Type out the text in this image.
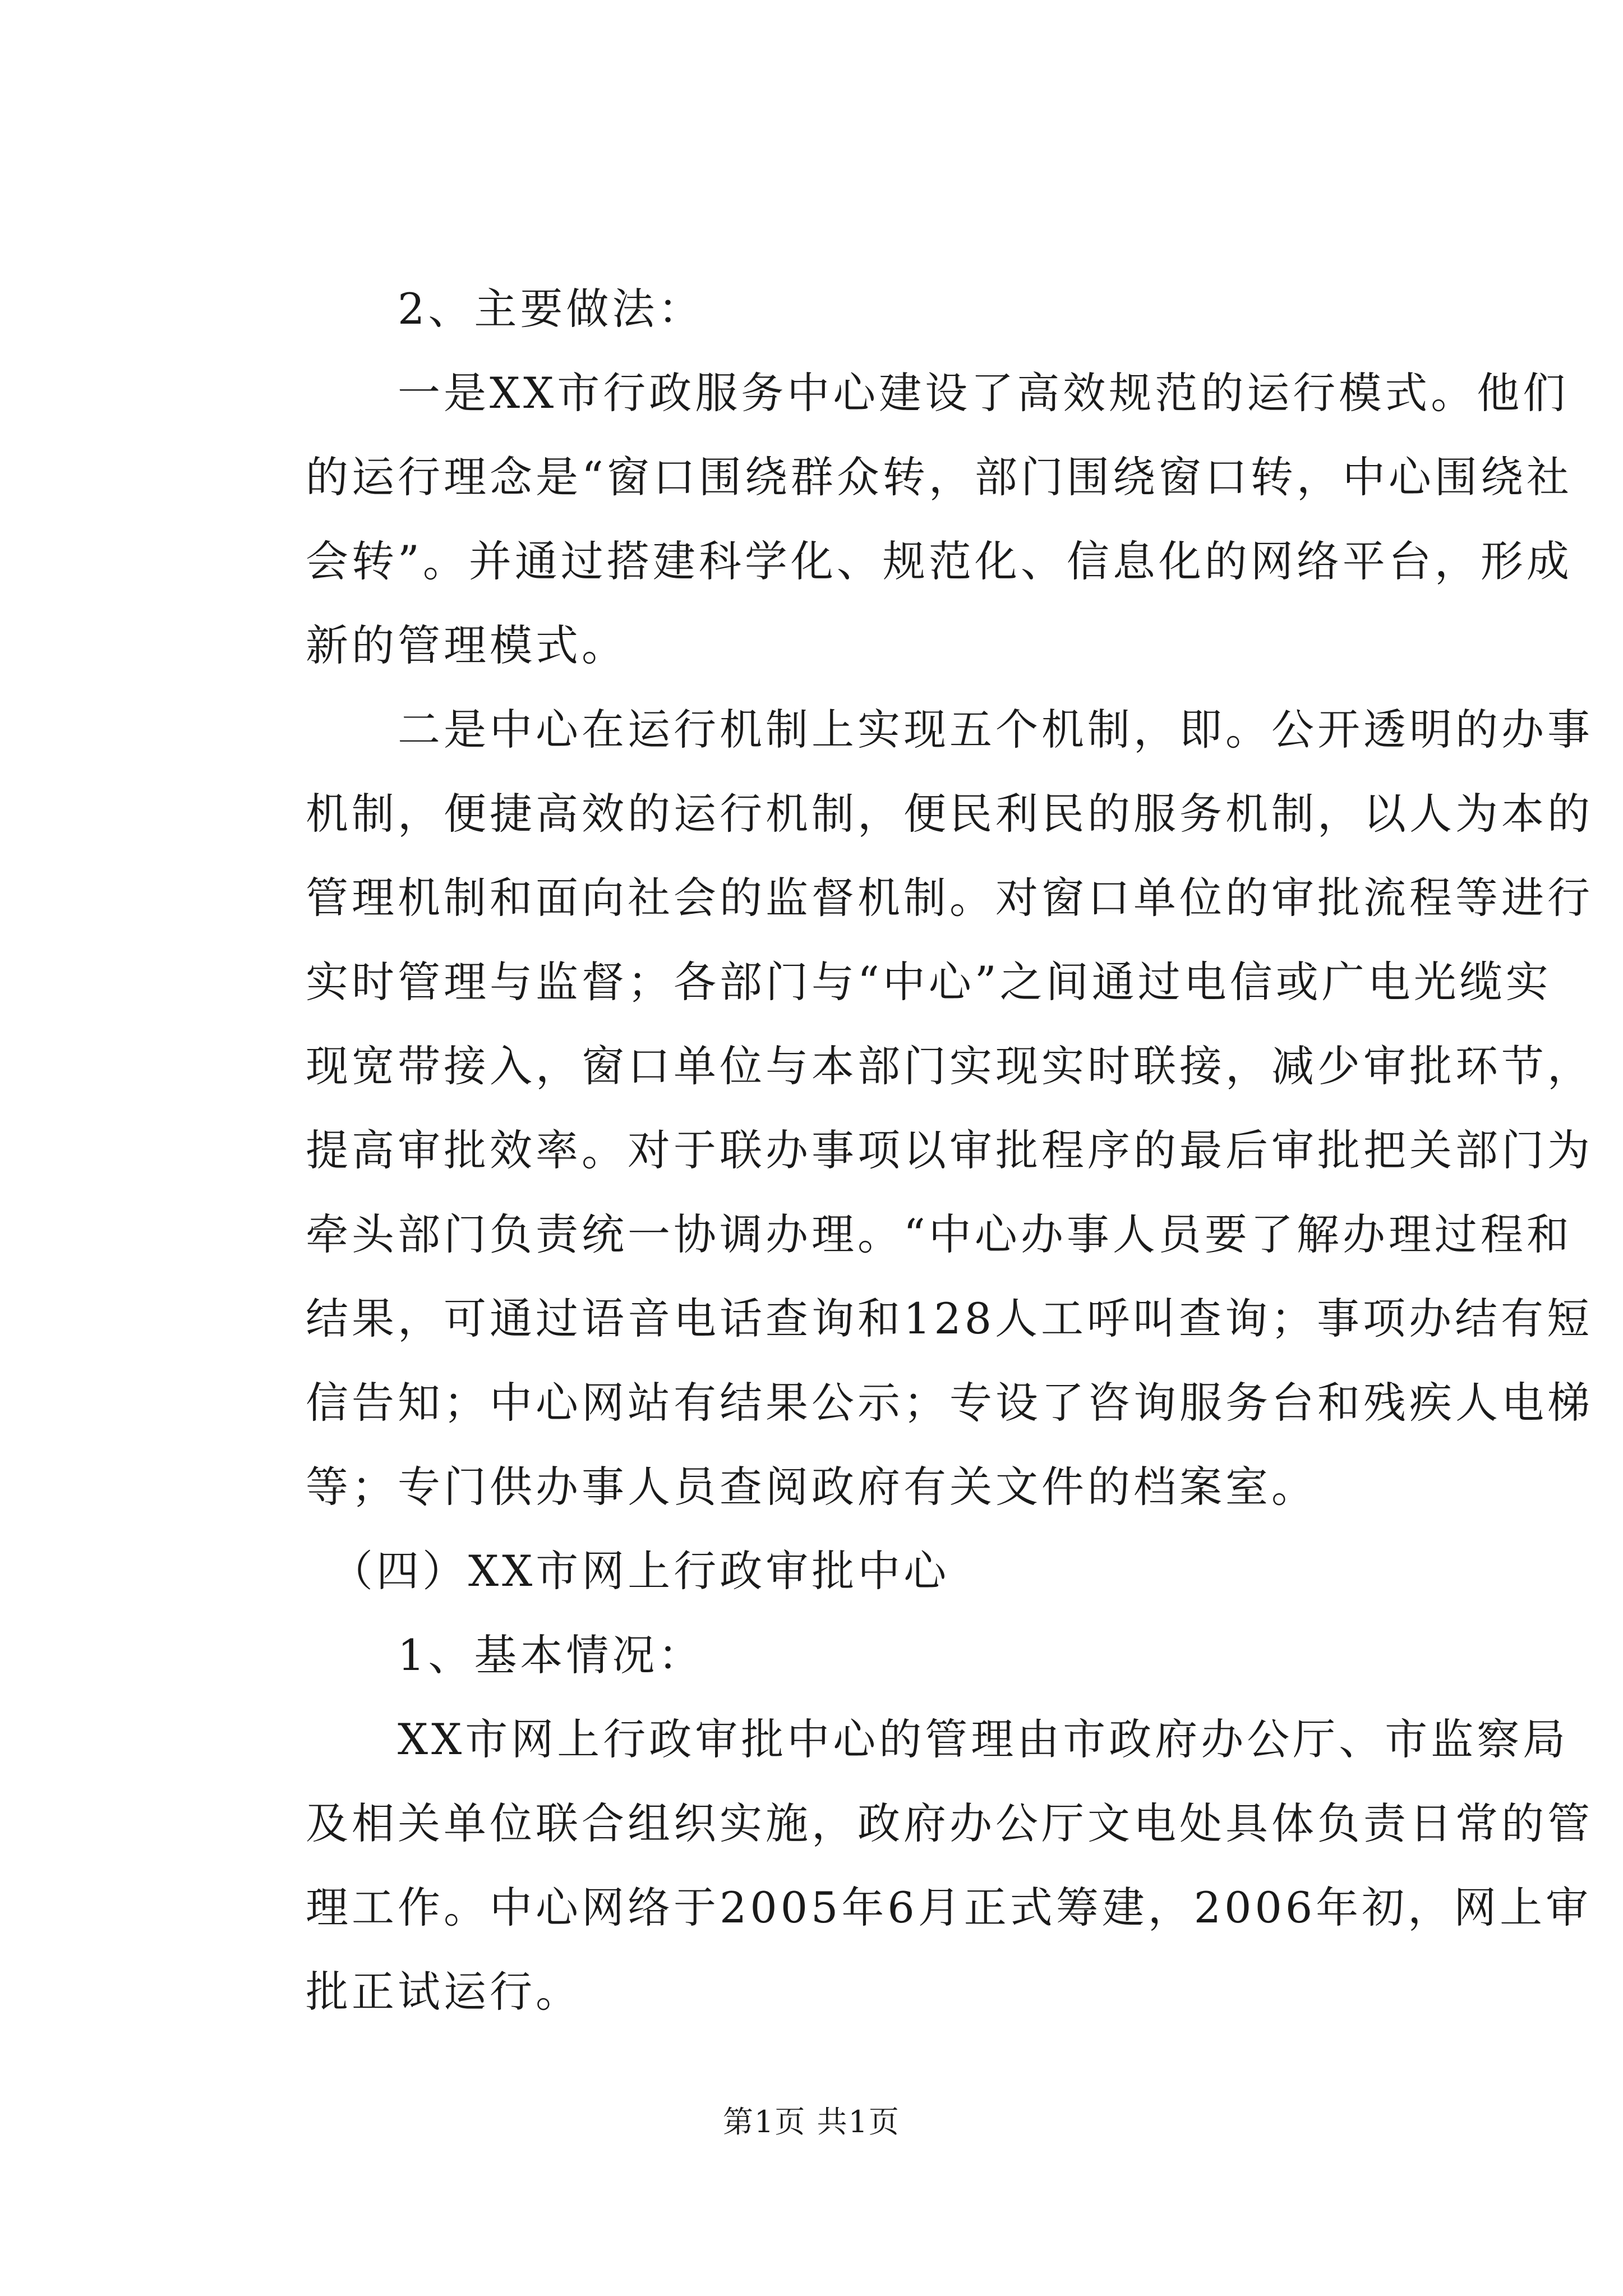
　　2、主要做法：
　　一是XX市行政服务中心建设了高效规范的运行模式。他们
的运行理念是“窗口围绕群众转，部门围绕窗口转，中心围绕社
会转”。并通过搭建科学化、规范化、信息化的网络平台，形成
新的管理模式。
　　二是中心在运行机制上实现五个机制，即。公开透明的办事
机制，便捷高效的运行机制，便民利民的服务机制，以人为本的
管理机制和面向社会的监督机制。对窗口单位的审批流程等进行
实时管理与监督；各部门与“中心”之间通过电信或广电光缆实
现宽带接入，窗口单位与本部门实现实时联接，减少审批环节，
提高审批效率。对于联办事项以审批程序的最后审批把关部门为
牵头部门负责统一协调办理。“中心办事人员要了解办理过程和
结果，可通过语音电话查询和128人工呼叫查询；事项办结有短
信告知；中心网站有结果公示；专设了咨询服务台和残疾人电梯
等；专门供办事人员查阅政府有关文件的档案室。
　（四）XX市网上行政审批中心
　　1、基本情况：
　　XX市网上行政审批中心的管理由市政府办公厅、市监察局
及相关单位联合组织实施，政府办公厅文电处具体负责日常的管
理工作。中心网络于2005年6月正式筹建，2006年初，网上审
批正试运行。

第1页 共1页
